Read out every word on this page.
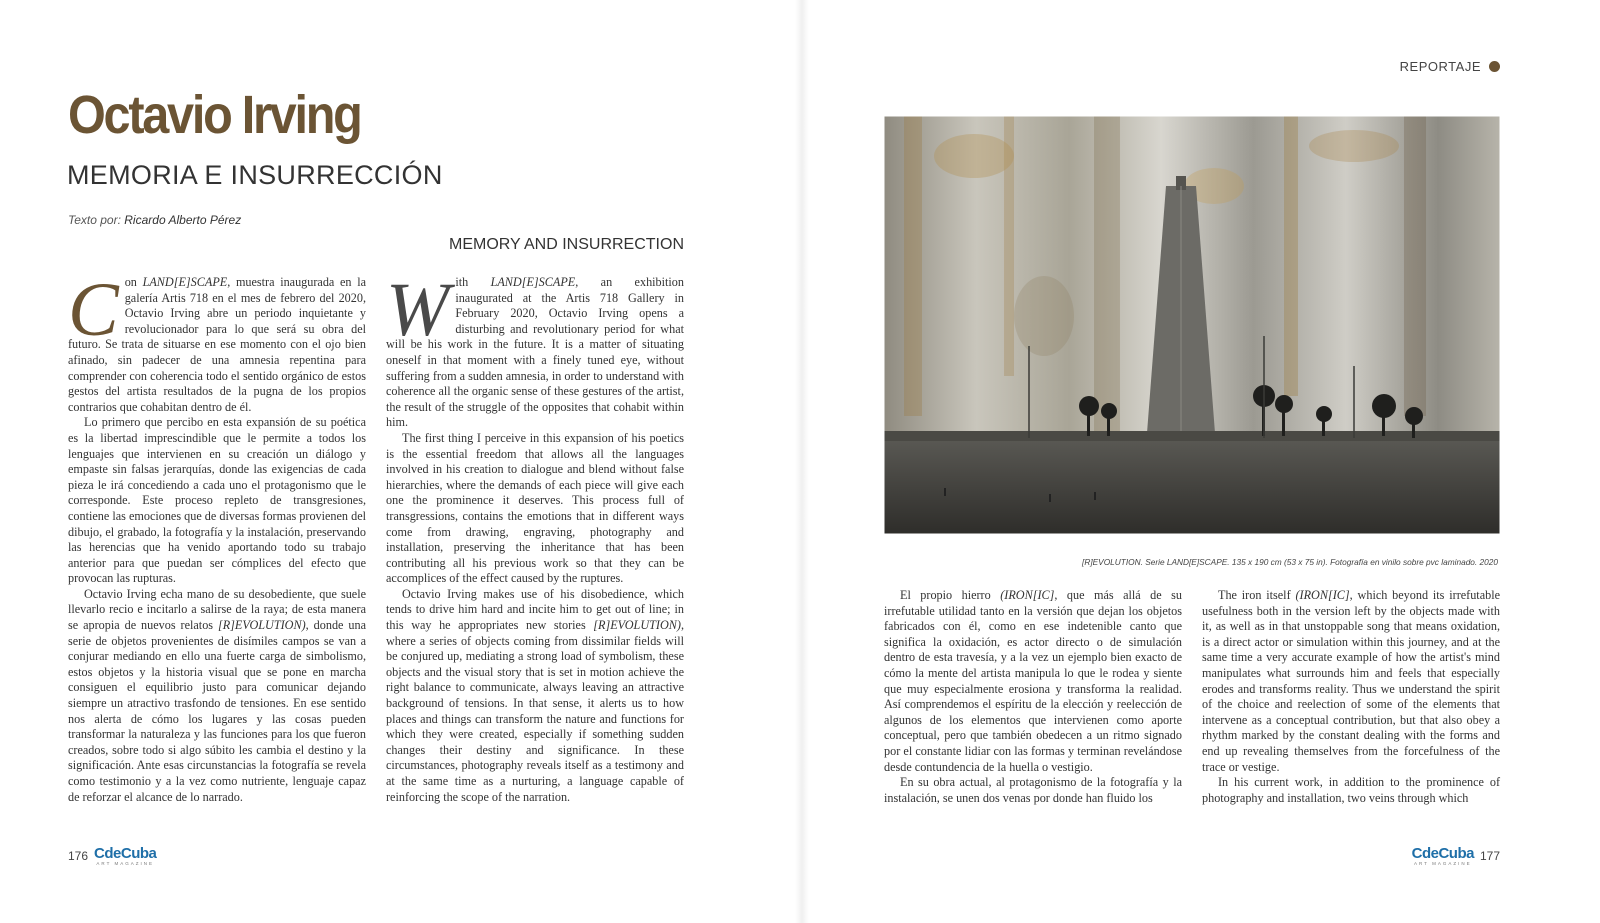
REPORTAJE
Octavio Irving
MEMORIA E INSURRECCIÓN
Texto por: Ricardo Alberto Pérez
MEMORY AND INSURRECTION

Con LAND[E]SCAPE, muestra inaugurada en la galería Artis 718 en el mes de febrero del 2020, Octavio Irving abre un periodo inquietante y revolucionador para lo que será su obra del futuro. Se trata de situarse en ese momento con el ojo bien afinado, sin padecer de una amnesia repentina para comprender con coherencia todo el sentido orgánico de estos gestos del artista resultados de la pugna de los propios contrarios que cohabitan dentro de él.

Lo primero que percibo en esta expansión de su poética es la libertad imprescindible que le permite a todos los lenguajes que intervienen en su creación un diálogo y empaste sin falsas jerarquías, donde las exigencias de cada pieza le irá concediendo a cada uno el protagonismo que le corresponde. Este proceso repleto de transgresiones, contiene las emociones que de diversas formas provienen del dibujo, el grabado, la fotografía y la instalación, preservando las herencias que ha venido aportando todo su trabajo anterior para que puedan ser cómplices del efecto que provocan las rupturas.

Octavio Irving echa mano de su desobediente, que suele llevarlo recio e incitarlo a salirse de la raya; de esta manera se apropia de nuevos relatos [R]EVOLUTION), donde una serie de objetos provenientes de disímiles campos se van a conjurar mediando en ello una fuerte carga de simbolismo, estos objetos y la historia visual que se pone en marcha consiguen el equilibrio justo para comunicar dejando siempre un atractivo trasfondo de tensiones. En ese sentido nos alerta de cómo los lugares y las cosas pueden transformar la naturaleza y las funciones para los que fueron creados, sobre todo si algo súbito les cambia el destino y la significación. Ante esas circunstancias la fotografía se revela como testimonio y a la vez como nutriente, lenguaje capaz de reforzar el alcance de lo narrado.

With LAND[E]SCAPE, an exhibition inaugurated at the Artis 718 Gallery in February 2020, Octavio Irving opens a disturbing and revolutionary period for what will be his work in the future. It is a matter of situating oneself in that moment with a finely tuned eye, without suffering from a sudden amnesia, in order to understand with coherence all the organic sense of these gestures of the artist, the result of the struggle of the opposites that cohabit within him.

The first thing I perceive in this expansion of his poetics is the essential freedom that allows all the languages involved in his creation to dialogue and blend without false hierarchies, where the demands of each piece will give each one the prominence it deserves. This process full of transgressions, contains the emotions that in different ways come from drawing, engraving, photography and installation, preserving the inheritance that has been contributing all his previous work so that they can be accomplices of the effect caused by the ruptures.

Octavio Irving makes use of his disobedience, which tends to drive him hard and incite him to get out of line; in this way he appropriates new stories [R]EVOLUTION), where a series of objects coming from dissimilar fields will be conjured up, mediating a strong load of symbolism, these objects and the visual story that is set in motion achieve the right balance to communicate, always leaving an attractive background of tensions. In that sense, it alerts us to how places and things can transform the nature and functions for which they were created, especially if something sudden changes their destiny and significance. In these circumstances, photography reveals itself as a testimony and at the same time as a nurturing, a language capable of reinforcing the scope of the narration.

[R]EVOLUTION. Serie LAND[E]SCAPE. 135 x 190 cm (53 x 75 in). Fotografía en vinilo sobre pvc laminado. 2020

El propio hierro (IRON[IC], que más allá de su irrefutable utilidad tanto en la versión que dejan los objetos fabricados con él, como en ese indetenible canto que significa la oxidación, es actor directo o de simulación dentro de esta travesía, y a la vez un ejemplo bien exacto de cómo la mente del artista manipula lo que le rodea y siente que muy especialmente erosiona y transforma la realidad. Así comprendemos el espíritu de la elección y reelección de algunos de los elementos que intervienen como aporte conceptual, pero que también obedecen a un ritmo signado por el constante lidiar con las formas y terminan revelándose desde contundencia de la huella o vestigio.

En su obra actual, al protagonismo de la fotografía y la instalación, se unen dos venas por donde han fluido los

The iron itself (IRON[IC], which beyond its irrefutable usefulness both in the version left by the objects made with it, as well as in that unstoppable song that means oxidation, is a direct actor or simulation within this journey, and at the same time a very accurate example of how the artist's mind manipulates what surrounds him and feels that especially erodes and transforms reality. Thus we understand the spirit of the choice and reelection of some of the elements that intervene as a conceptual contribution, but that also obey a rhythm marked by the constant dealing with the forms and end up revealing themselves from the forcefulness of the trace or vestige.

In his current work, in addition to the prominence of photography and installation, two veins through which

176 CdeCuba
ART MAGAZINE
CdeCuba
ART MAGAZINE
177
